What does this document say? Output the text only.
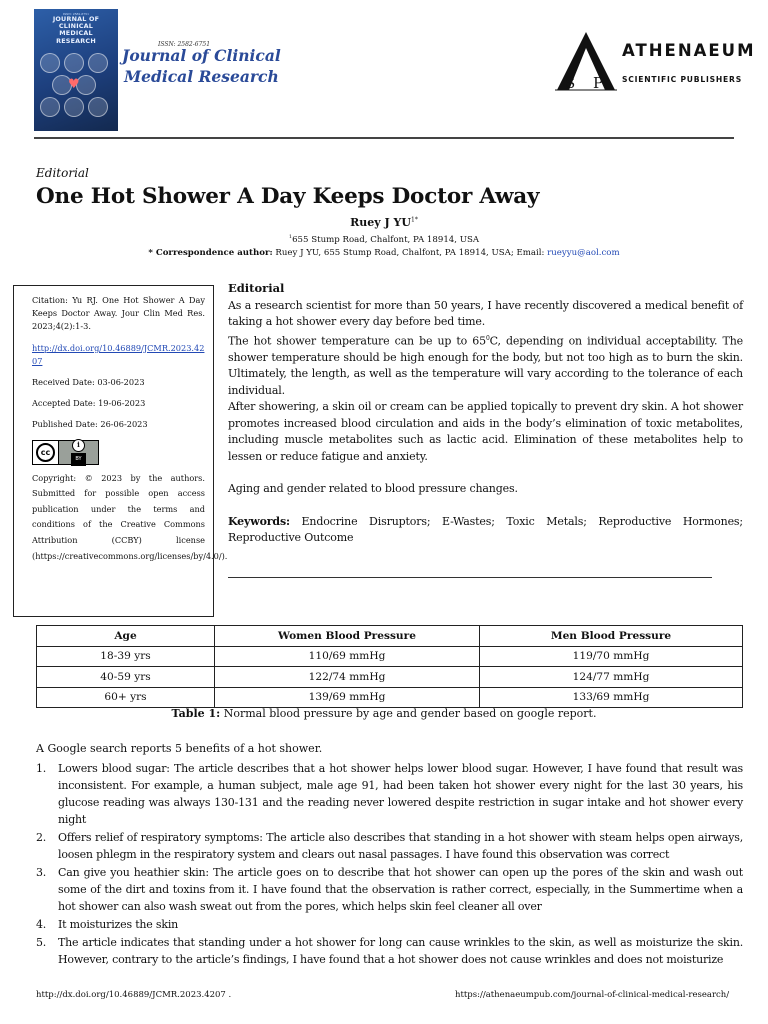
ISSN: 2582-6751
JOURNAL OF
CLINICAL
MEDICAL
RESEARCH
♥
ISSN: 2582-6751
Journal of Clinical
Medical Research	S P
ATHENAEUM
SCIENTIFIC PUBLISHERS
Editorial
One Hot Shower A Day Keeps Doctor Away
Ruey J $YU^{1*}$
$^1$655 Stump Road, Chalfont, PA 18914, USA
* Correspondence author: Ruey J YU, 655 Stump Road, Chalfont, PA 18914, USA; Email: rueyyu@aol.com

Citation: Yu RJ. One Hot Shower A Day Keeps Doctor Away. Jour Clin Med Res. 2023;4(2):1-3.

http://dx.doi.org/10.46889/JCMR.2023.4207

Received Date: 03-06-2023

Accepted Date: 19-06-2023

Published Date: 26-06-2023

cc
i
BY

Copyright: © 2023 by the authors. Submitted for possible open access publication under the terms and conditions of the Creative Commons Attribution (CCBY) license (https://creativecommons.org/licenses/by/4.0/).

Editorial

As a research scientist for more than 50 years, I have recently discovered a medical benefit of taking a hot shower every day before bed time.

The hot shower temperature can be up to $65^0C$, depending on individual acceptability. The shower temperature should be high enough for the body, but not too high as to burn the skin. Ultimately, the length, as well as the temperature will vary according to the tolerance of each individual.

After showering, a skin oil or cream can be applied topically to prevent dry skin. A hot shower promotes increased blood circulation and aids in the body’s elimination of toxic metabolites, including muscle metabolites such as lactic acid. Elimination of these metabolites help to lessen or reduce fatigue and anxiety.

Aging and gender related to blood pressure changes.

Keywords: Endocrine Disruptors; E-Wastes; Toxic Metals; Reproductive Hormones; Reproductive Outcome

Age	Women Blood Pressure	Men Blood Pressure
18-39 yrs	110/69 mmHg	119/70 mmHg
40-59 yrs	122/74 mmHg	124/77 mmHg
60+ yrs	139/69 mmHg	133/69 mmHg
Table 1: Normal blood pressure by age and gender based on google report.
A Google search reports 5 benefits of a hot shower.
1. Lowers blood sugar: The article describes that a hot shower helps lower blood sugar. However, I have found that result was inconsistent. For example, a human subject, male age 91, had been taken hot shower every night for the last 30 years, his glucose reading was always 130-131 and the reading never lowered despite restriction in sugar intake and hot shower every night
2. Offers relief of respiratory symptoms: The article also describes that standing in a hot shower with steam helps open airways, loosen phlegm in the respiratory system and clears out nasal passages. I have found this observation was correct
3. Can give you heathier skin: The article goes on to describe that hot shower can open up the pores of the skin and wash out some of the dirt and toxins from it. I have found that the observation is rather correct, especially, in the Summertime when a hot shower can also wash sweat out from the pores, which helps skin feel cleaner all over
4. It moisturizes the skin
5. The article indicates that standing under a hot shower for long can cause wrinkles to the skin, as well as moisturize the skin. However, contrary to the article’s findings, I have found that a hot shower does not cause wrinkles and does not moisturize
http://dx.doi.org/10.46889/JCMR.2023.4207 .	https://athenaeumpub.com/journal-of-clinical-medical-research/
